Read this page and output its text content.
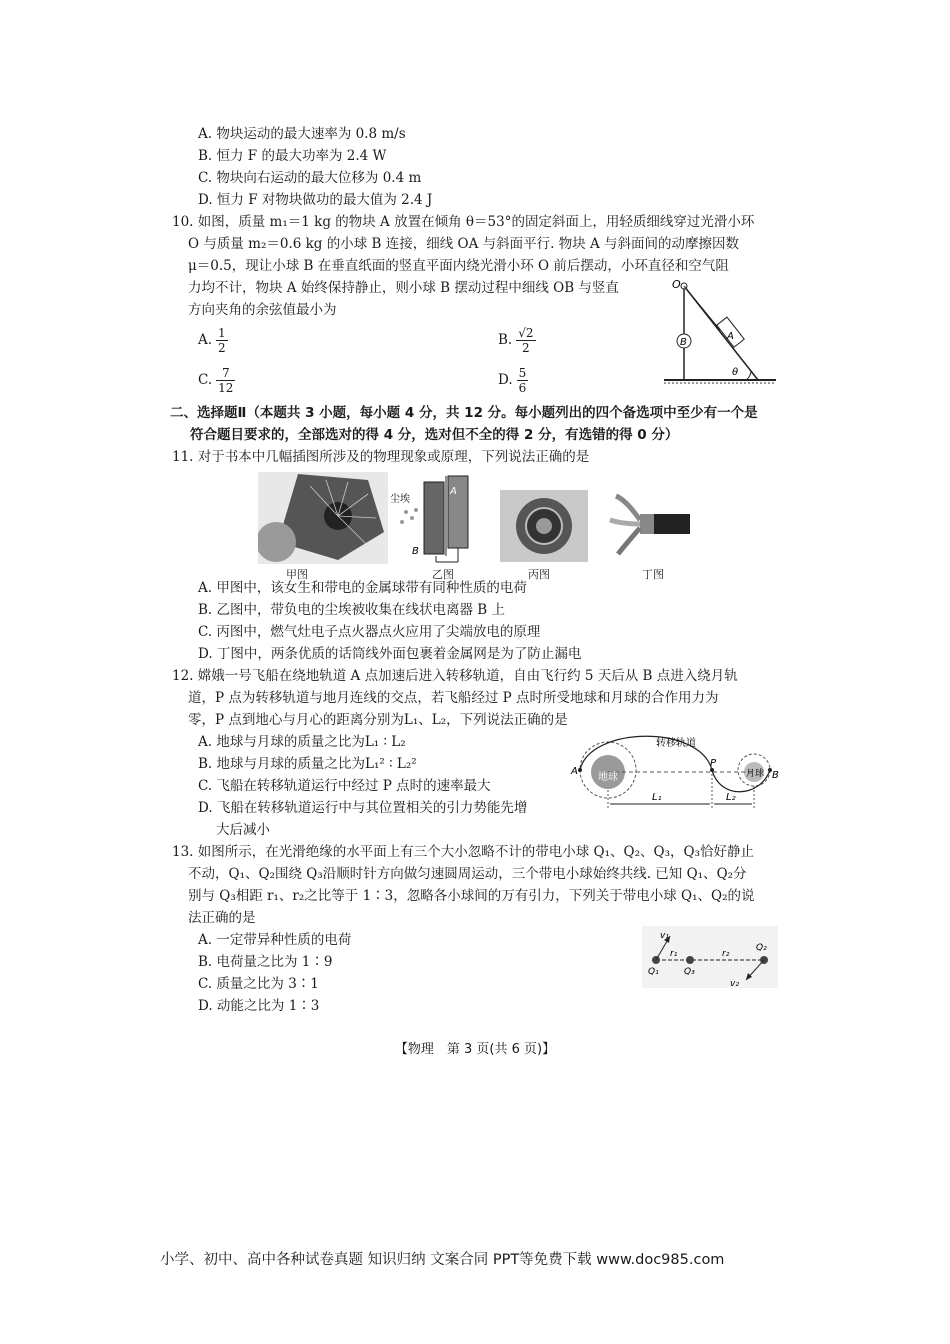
A. 物块运动的最大速率为 0.8 m/s
B. 恒力 F 的最大功率为 2.4 W
C. 物块向右运动的最大位移为 0.4 m
D. 恒力 F 对物块做功的最大值为 2.4 J
10. 如图，质量 m₁＝1 kg 的物块 A 放置在倾角 θ＝53°的固定斜面上，用轻质细线穿过光滑小环
O 与质量 m₂＝0.6 kg 的小球 B 连接，细线 OA 与斜面平行. 物块 A 与斜面间的动摩擦因数
μ＝0.5，现让小球 B 在垂直纸面的竖直平面内绕光滑小环 O 前后摆动，小环直径和空气阻
力均不计，物块 A 始终保持静止，则小球 B 摆动过程中细线 OB 与竖直
方向夹角的余弦值最小为
A. $\frac{1}{2}$	B. $\frac{√2}{2}$
C. $\frac{7}{12}$	D. $\frac{5}{6}$
O
B
A
θ
二、选择题Ⅱ（本题共 3 小题，每小题 4 分，共 12 分。每小题列出的四个备选项中至少有一个是
符合题目要求的，全部选对的得 4 分，选对但不全的得 2 分，有选错的得 0 分）
11. 对于书本中几幅插图所涉及的物理现象或原理，下列说法正确的是
尘埃
A
B
甲图	乙图	丙图	丁图
A. 甲图中，该女生和带电的金属球带有同种性质的电荷
B. 乙图中，带负电的尘埃被收集在线状电离器 B 上
C. 丙图中，燃气灶电子点火器点火应用了尖端放电的原理
D. 丁图中，两条优质的话筒线外面包裹着金属网是为了防止漏电
12. 嫦娥一号飞船在绕地轨道 A 点加速后进入转移轨道，自由飞行约 5 天后从 B 点进入绕月轨
道，P 点为转移轨道与地月连线的交点，若飞船经过 P 点时所受地球和月球的合作用力为
零，P 点到地心与月心的距离分别为L₁、L₂，下列说法正确的是
A. 地球与月球的质量之比为L₁ ∶ L₂
B. 地球与月球的质量之比为L₁² ∶ L₂²
C. 飞船在转移轨道运行中经过 P 点时的速率最大
D. 飞船在转移轨道运行中与其位置相关的引力势能先增
大后减小
转移轨道
地球	月球
A	B
P
L₁	L₂
13. 如图所示，在光滑绝缘的水平面上有三个大小忽略不计的带电小球 Q₁、Q₂、Q₃，Q₃恰好静止
不动，Q₁、Q₂围绕 Q₃沿顺时针方向做匀速圆周运动，三个带电小球始终共线. 已知 Q₁、Q₂分
别与 Q₃相距 r₁、r₂之比等于 1∶3，忽略各小球间的万有引力，下列关于带电小球 Q₁、Q₂的说
法正确的是
A. 一定带异种性质的电荷
B. 电荷量之比为 1∶9
C. 质量之比为 3∶1
D. 动能之比为 1∶3
v₁
v₂
r₁	r₂
Q₁	Q₃
Q₂
【物理　第 3 页(共 6 页)】
小学、初中、高中各种试卷真题 知识归纳 文案合同 PPT等免费下载 www.doc985.com
